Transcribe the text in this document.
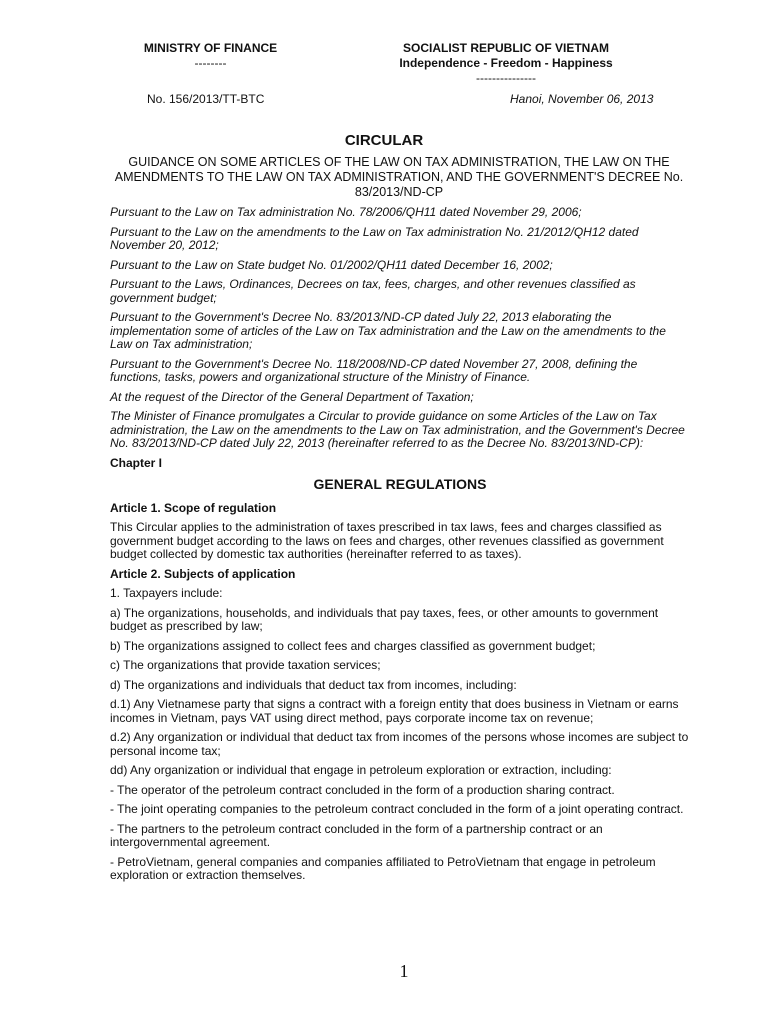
MINISTRY OF FINANCE
--------
SOCIALIST REPUBLIC OF VIETNAM
Independence - Freedom - Happiness
---------------
No. 156/2013/TT-BTC	Hanoi, November 06, 2013
CIRCULAR
GUIDANCE ON SOME ARTICLES OF THE LAW ON TAX ADMINISTRATION, THE LAW ON THE AMENDMENTS TO THE LAW ON TAX ADMINISTRATION, AND THE GOVERNMENT'S DECREE No. 83/2013/ND-CP

Pursuant to the Law on Tax administration No. 78/2006/QH11 dated November 29, 2006;

Pursuant to the Law on the amendments to the Law on Tax administration No. 21/2012/QH12 dated November 20, 2012;

Pursuant to the Law on State budget No. 01/2002/QH11 dated December 16, 2002;

Pursuant to the Laws, Ordinances, Decrees on tax, fees, charges, and other revenues classified as government budget;

Pursuant to the Government's Decree No. 83/2013/ND-CP dated July 22, 2013 elaborating the implementation some of articles of the Law on Tax administration and the Law on the amendments to the Law on Tax administration;

Pursuant to the Government's Decree No. 118/2008/ND-CP dated November 27, 2008, defining the functions, tasks, powers and organizational structure of the Ministry of Finance.

At the request of the Director of the General Department of Taxation;

The Minister of Finance promulgates a Circular to provide guidance on some Articles of the Law on Tax administration, the Law on the amendments to the Law on Tax administration, and the Government's Decree No. 83/2013/ND-CP dated July 22, 2013 (hereinafter referred to as the Decree No. 83/2013/ND-CP):

Chapter I

GENERAL REGULATIONS

Article 1. Scope of regulation

This Circular applies to the administration of taxes prescribed in tax laws, fees and charges classified as government budget according to the laws on fees and charges, other revenues classified as government budget collected by domestic tax authorities (hereinafter referred to as taxes).

Article 2. Subjects of application

1. Taxpayers include:

a) The organizations, households, and individuals that pay taxes, fees, or other amounts to government budget as prescribed by law;

b) The organizations assigned to collect fees and charges classified as government budget;

c) The organizations that provide taxation services;

d) The organizations and individuals that deduct tax from incomes, including:

d.1) Any Vietnamese party that signs a contract with a foreign entity that does business in Vietnam or earns incomes in Vietnam, pays VAT using direct method, pays corporate income tax on revenue;

d.2) Any organization or individual that deduct tax from incomes of the persons whose incomes are subject to personal income tax;

dd) Any organization or individual that engage in petroleum exploration or extraction, including:

- The operator of the petroleum contract concluded in the form of a production sharing contract.

- The joint operating companies to the petroleum contract concluded in the form of a joint operating contract.

- The partners to the petroleum contract concluded in the form of a partnership contract or an intergovernmental agreement.

- PetroVietnam, general companies and companies affiliated to PetroVietnam that engage in petroleum exploration or extraction themselves.

1
